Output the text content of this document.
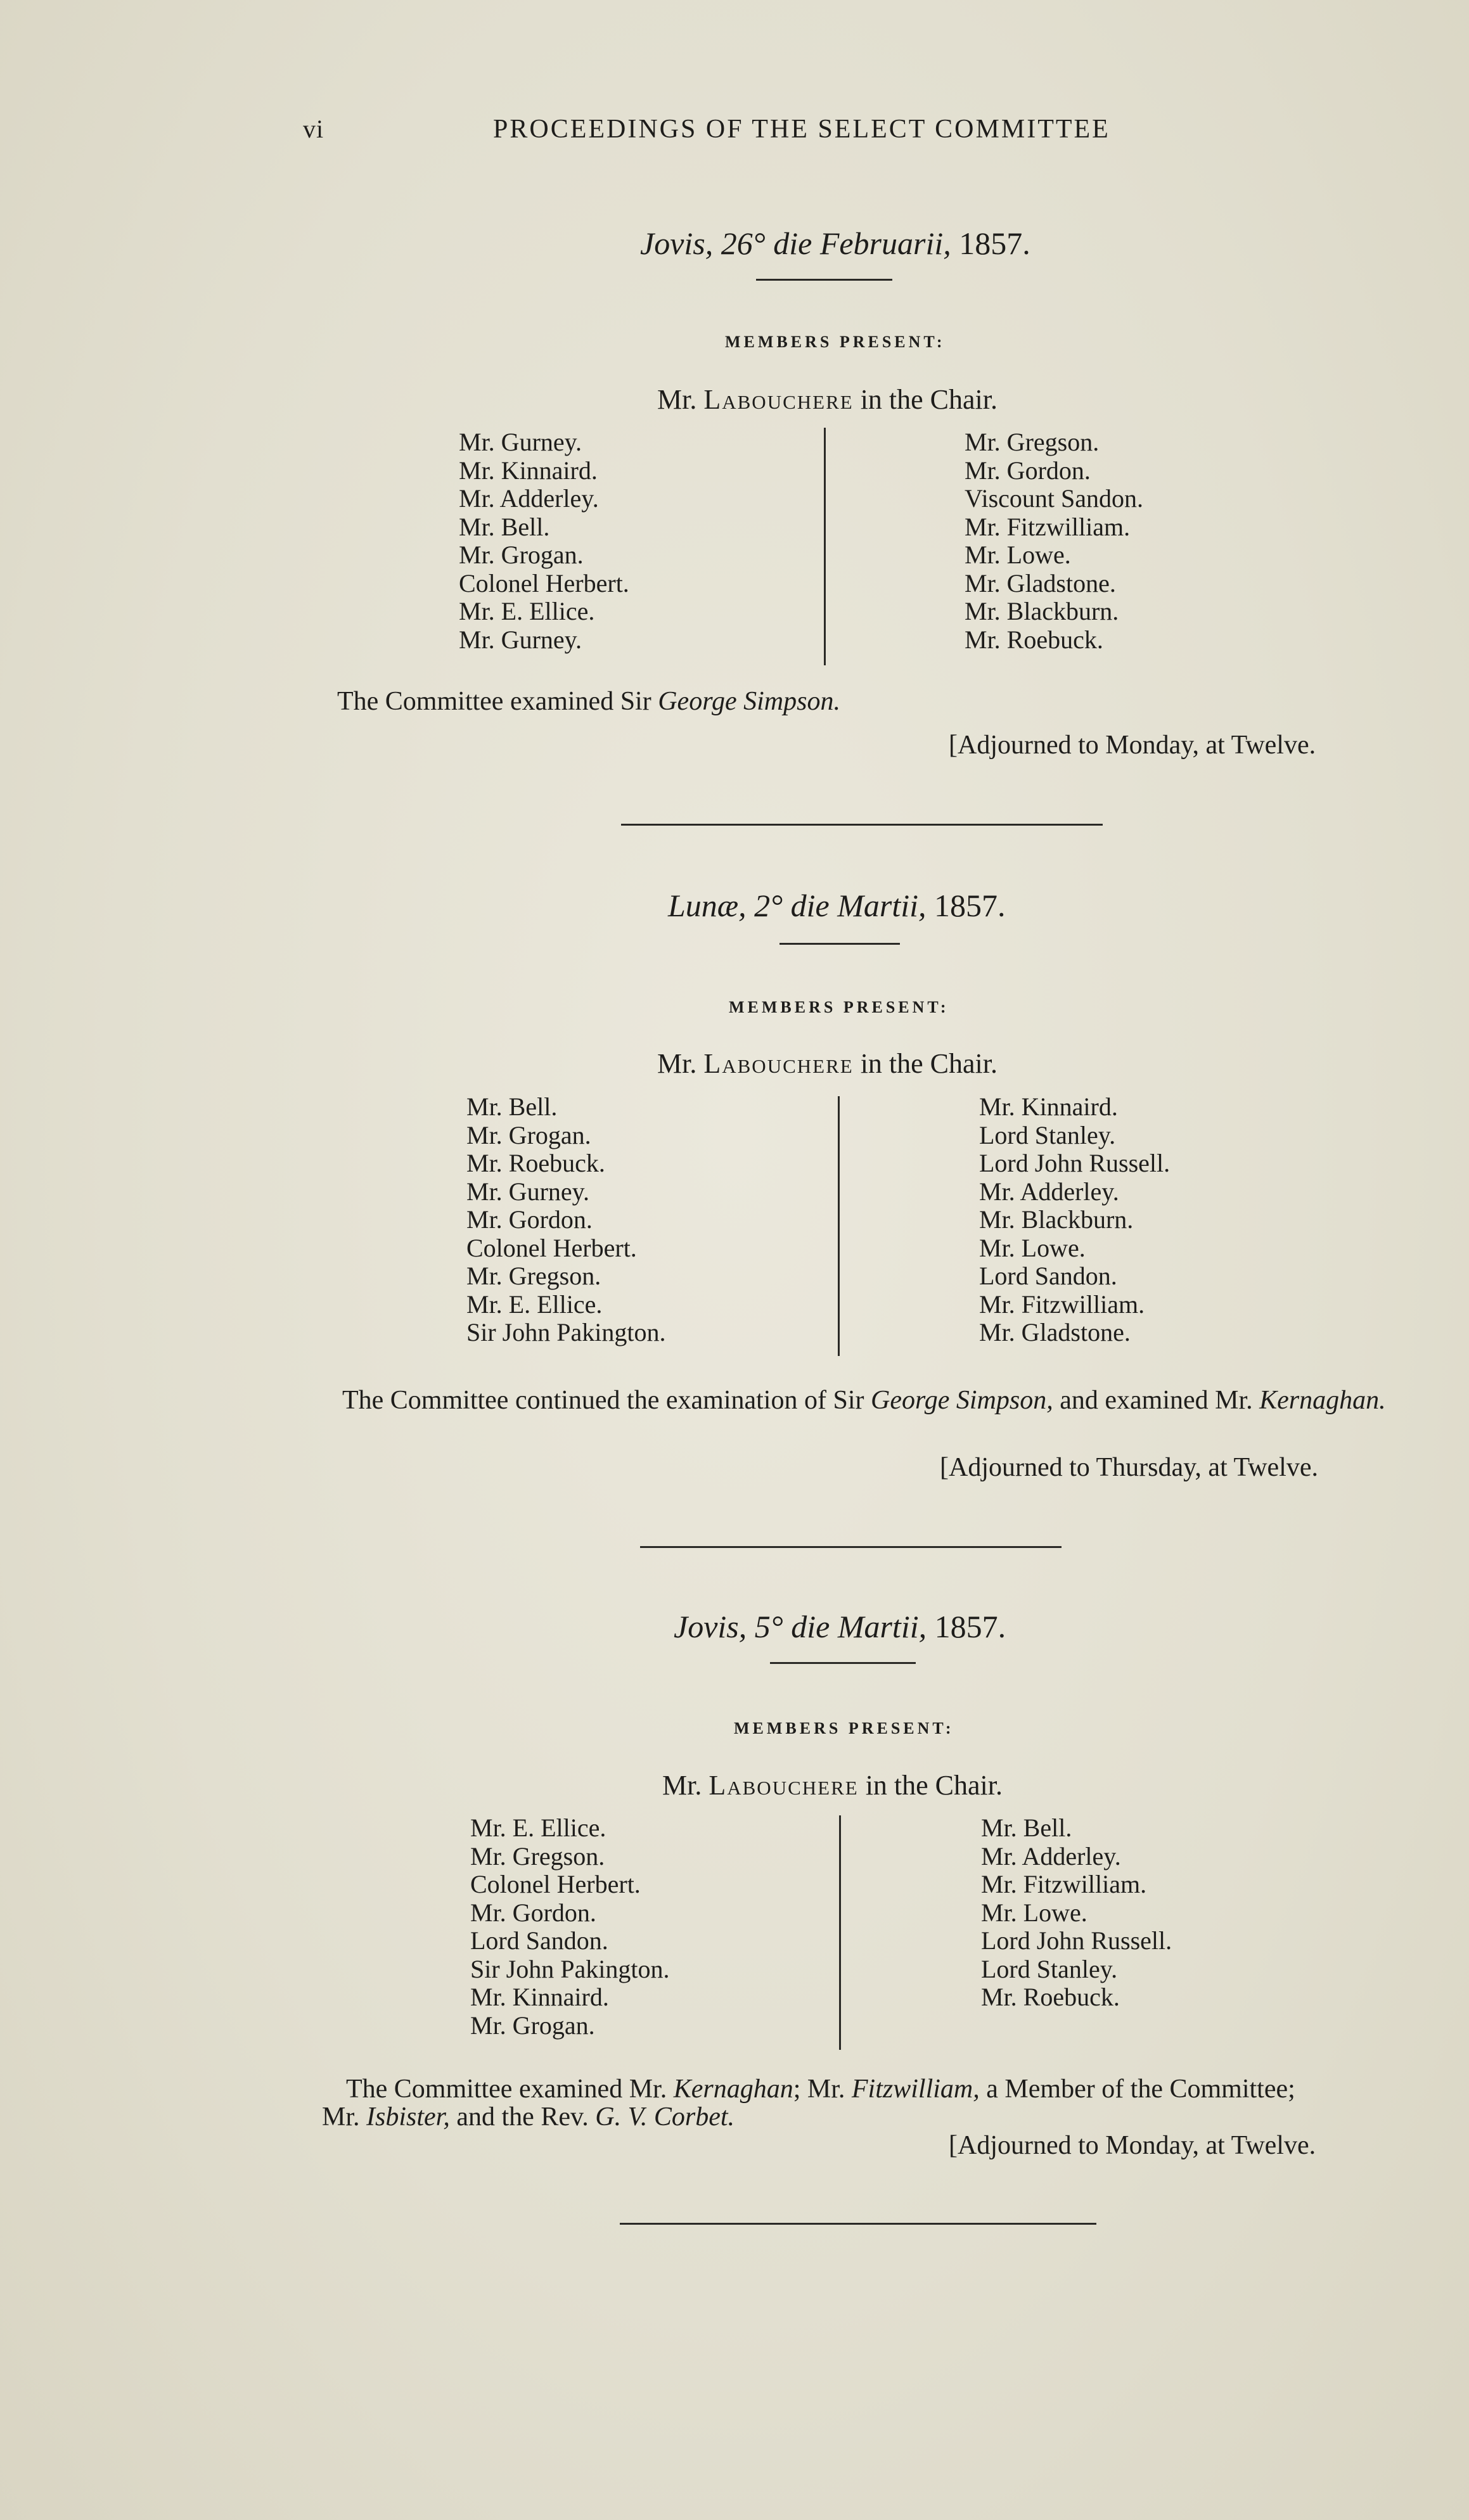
vi	PROCEEDINGS OF THE SELECT COMMITTEE
Jovis, 26° die Februarii, 1857.
MEMBERS PRESENT:
Mr. Labouchere in the Chair.
Mr. Gurney.
Mr. Kinnaird.
Mr. Adderley.
Mr. Bell.
Mr. Grogan.
Colonel Herbert.
Mr. E. Ellice.
Mr. Gurney.
Mr. Gregson.
Mr. Gordon.
Viscount Sandon.
Mr. Fitzwilliam.
Mr. Lowe.
Mr. Gladstone.
Mr. Blackburn.
Mr. Roebuck.
The Committee examined Sir George Simpson.
[Adjourned to Monday, at Twelve.
Lunæ, 2° die Martii, 1857.
MEMBERS PRESENT:
Mr. Labouchere in the Chair.
Mr. Bell.
Mr. Grogan.
Mr. Roebuck.
Mr. Gurney.
Mr. Gordon.
Colonel Herbert.
Mr. Gregson.
Mr. E. Ellice.
Sir John Pakington.
Mr. Kinnaird.
Lord Stanley.
Lord John Russell.
Mr. Adderley.
Mr. Blackburn.
Mr. Lowe.
Lord Sandon.
Mr. Fitzwilliam.
Mr. Gladstone.
The Committee continued the examination of Sir George Simpson, and examined Mr. Kernaghan.
[Adjourned to Thursday, at Twelve.
Jovis, 5° die Martii, 1857.
MEMBERS PRESENT:
Mr. Labouchere in the Chair.
Mr. E. Ellice.
Mr. Gregson.
Colonel Herbert.
Mr. Gordon.
Lord Sandon.
Sir John Pakington.
Mr. Kinnaird.
Mr. Grogan.
Mr. Bell.
Mr. Adderley.
Mr. Fitzwilliam.
Mr. Lowe.
Lord John Russell.
Lord Stanley.
Mr. Roebuck.
The Committee examined Mr. Kernaghan; Mr. Fitzwilliam, a Member of the Committee;
Mr. Isbister, and the Rev. G. V. Corbet.
[Adjourned to Monday, at Twelve.
